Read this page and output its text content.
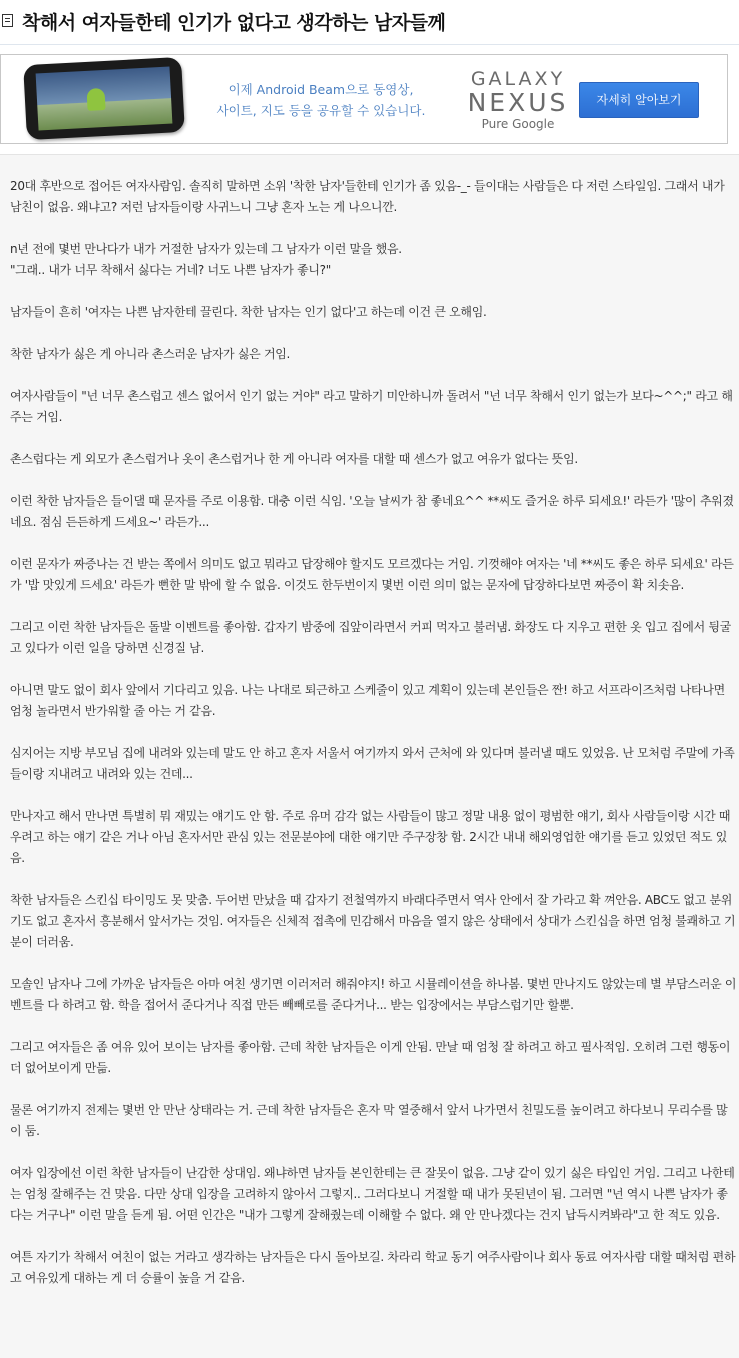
착해서 여자들한테 인기가 없다고 생각하는 남자들께
이제 Android Beam으로 동영상,
사이트, 지도 등을 공유할 수 있습니다.
GALAXY
NEXUS
Pure Google
자세히 알아보기

20대 후반으로 접어든 여자사람임. 솔직히 말하면 소위 '착한 남자'들한테 인기가 좀 있음-_- 들이대는 사람들은 다 저런 스타일임. 그래서 내가 남친이 없음. 왜냐고? 저런 남자들이랑 사귀느니 그냥 혼자 노는 게 나으니깐.

n년 전에 몇번 만나다가 내가 거절한 남자가 있는데 그 남자가 이런 말을 했음.
"그래.. 내가 너무 착해서 싫다는 거네? 너도 나쁜 남자가 좋니?"

남자들이 흔히 '여자는 나쁜 남자한테 끌린다. 착한 남자는 인기 없다'고 하는데 이건 큰 오해임.

착한 남자가 싫은 게 아니라 촌스러운 남자가 싫은 거임.

여자사람들이 "넌 너무 촌스럽고 센스 없어서 인기 없는 거야" 라고 말하기 미안하니까 돌려서 "넌 너무 착해서 인기 없는가 보다~^^;" 라고 해주는 거임.

촌스럽다는 게 외모가 촌스럽거나 옷이 촌스럽거나 한 게 아니라 여자를 대할 때 센스가 없고 여유가 없다는 뜻임.

이런 착한 남자들은 들이댈 때 문자를 주로 이용함. 대충 이런 식임. '오늘 날씨가 참 좋네요^^ **씨도 즐거운 하루 되세요!' 라든가 '많이 추워졌네요. 점심 든든하게 드세요~' 라든가...

이런 문자가 짜증나는 건 받는 쪽에서 의미도 없고 뭐라고 답장해야 할지도 모르겠다는 거임. 기껏해야 여자는 '네 **씨도 좋은 하루 되세요' 라든가 '밥 맛있게 드세요' 라든가 뻔한 말 밖에 할 수 없음. 이것도 한두번이지 몇번 이런 의미 없는 문자에 답장하다보면 짜증이 확 치솟음.

그리고 이런 착한 남자들은 돌발 이벤트를 좋아함. 갑자기 밤중에 집앞이라면서 커피 먹자고 불러냄. 화장도 다 지우고 편한 옷 입고 집에서 뒹굴고 있다가 이런 일을 당하면 신경질 남.

아니면 말도 없이 회사 앞에서 기다리고 있음. 나는 나대로 퇴근하고 스케줄이 있고 계획이 있는데 본인들은 짠! 하고 서프라이즈처럼 나타나면 엄청 놀라면서 반가워할 줄 아는 거 같음.

심지어는 지방 부모님 집에 내려와 있는데 말도 안 하고 혼자 서울서 여기까지 와서 근처에 와 있다며 불러낼 때도 있었음. 난 모처럼 주말에 가족들이랑 지내려고 내려와 있는 건데...

만나자고 해서 만나면 특별히 뭐 재밌는 얘기도 안 함. 주로 유머 감각 없는 사람들이 많고 정말 내용 없이 평범한 얘기, 회사 사람들이랑 시간 때우려고 하는 얘기 같은 거나 아님 혼자서만 관심 있는 전문분야에 대한 얘기만 주구장창 함. 2시간 내내 해외영업한 얘기를 듣고 있었던 적도 있음.

착한 남자들은 스킨십 타이밍도 못 맞춤. 두어번 만났을 때 갑자기 전철역까지 바래다주면서 역사 안에서 잘 가라고 확 껴안음. ABC도 없고 분위기도 없고 혼자서 흥분해서 앞서가는 것임. 여자들은 신체적 접촉에 민감해서 마음을 열지 않은 상태에서 상대가 스킨십을 하면 엄청 불쾌하고 기분이 더러움.

모솔인 남자나 그에 가까운 남자들은 아마 여친 생기면 이러저러 해줘야지! 하고 시뮬레이션을 하나봄. 몇번 만나지도 않았는데 별 부담스러운 이벤트를 다 하려고 함. 학을 접어서 준다거나 직접 만든 빼빼로를 준다거나... 받는 입장에서는 부담스럽기만 할뿐.

그리고 여자들은 좀 여유 있어 보이는 남자를 좋아함. 근데 착한 남자들은 이게 안됨. 만날 때 엄청 잘 하려고 하고 필사적임. 오히려 그런 행동이 더 없어보이게 만듦.

물론 여기까지 전제는 몇번 안 만난 상태라는 거. 근데 착한 남자들은 혼자 막 열중해서 앞서 나가면서 친밀도를 높이려고 하다보니 무리수를 많이 둠.

여자 입장에선 이런 착한 남자들이 난감한 상대임. 왜냐하면 남자들 본인한테는 큰 잘못이 없음. 그냥 같이 있기 싫은 타입인 거임. 그리고 나한테는 엄청 잘해주는 건 맞음. 다만 상대 입장을 고려하지 않아서 그렇지.. 그러다보니 거절할 때 내가 못된년이 됨. 그러면 "넌 역시 나쁜 남자가 좋다는 거구나" 이런 말을 듣게 됨. 어떤 인간은 "내가 그렇게 잘해줬는데 이해할 수 없다. 왜 안 만나겠다는 건지 납득시켜봐라"고 한 적도 있음.

여튼 자기가 착해서 여친이 없는 거라고 생각하는 남자들은 다시 돌아보길. 차라리 학교 동기 여주사람이나 회사 동료 여자사람 대할 때처럼 편하고 여유있게 대하는 게 더 승률이 높을 거 같음.
